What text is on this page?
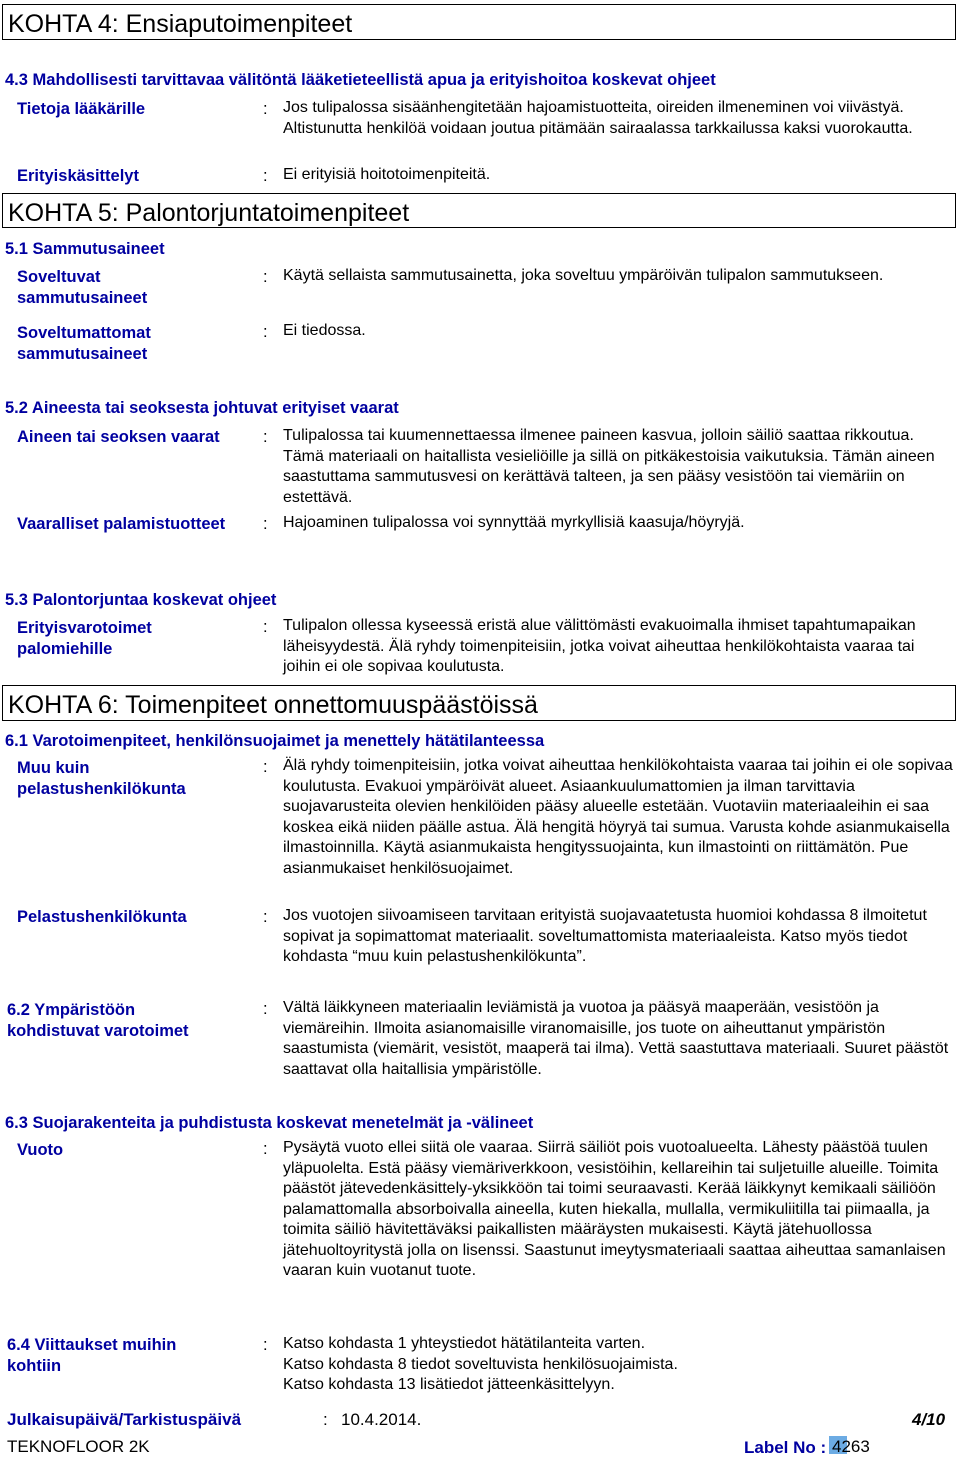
KOHTA 4: Ensiaputoimenpiteet
4.3 Mahdollisesti tarvittavaa välitöntä lääketieteellistä apua ja erityishoitoa koskevat ohjeet
Tietoja lääkärille	: Jos tulipalossa sisäänhengitetään hajoamistuotteita, oireiden ilmeneminen voi viivästyä. Altistunutta henkilöä voidaan joutua pitämään sairaalassa tarkkailussa kaksi vuorokautta.
Erityiskäsittelyt	: Ei erityisiä hoitotoimenpiteitä.
KOHTA 5: Palontorjuntatoimenpiteet
5.1 Sammutusaineet
Soveltuvat sammutusaineet
: Käytä sellaista sammutusainetta, joka soveltuu ympäröivän tulipalon sammutukseen.
Soveltumattomat sammutusaineet
: Ei tiedossa.
5.2 Aineesta tai seoksesta johtuvat erityiset vaarat
Aineen tai seoksen vaarat	: Tulipalossa tai kuumennettaessa ilmenee paineen kasvua, jolloin säiliö saattaa rikkoutua. Tämä materiaali on haitallista vesieliöille ja sillä on pitkäkestoisia vaikutuksia. Tämän aineen saastuttama sammutusvesi on kerättävä talteen, ja sen pääsy vesistöön tai viemäriin on estettävä.
Vaaralliset palamistuotteet	: Hajoaminen tulipalossa voi synnyttää myrkyllisiä kaasuja/höyryjä.
5.3 Palontorjuntaa koskevat ohjeet
Erityisvarotoimet palomiehille
: Tulipalon ollessa kyseessä eristä alue välittömästi evakuoimalla ihmiset tapahtumapaikan läheisyydestä. Älä ryhdy toimenpiteisiin, jotka voivat aiheuttaa henkilökohtaista vaaraa tai joihin ei ole sopivaa koulutusta.
KOHTA 6: Toimenpiteet onnettomuuspäästöissä
6.1 Varotoimenpiteet, henkilönsuojaimet ja menettely hätätilanteessa
Muu kuin pelastushenkilökunta
: Älä ryhdy toimenpiteisiin, jotka voivat aiheuttaa henkilökohtaista vaaraa tai joihin ei ole sopivaa koulutusta. Evakuoi ympäröivät alueet. Asiaankuulumattomien ja ilman tarvittavia suojavarusteita olevien henkilöiden pääsy alueelle estetään. Vuotaviin materiaaleihin ei saa koskea eikä niiden päälle astua. Älä hengitä höyryä tai sumua. Varusta kohde asianmukaisella ilmastoinnilla. Käytä asianmukaista hengityssuojainta, kun ilmastointi on riittämätön. Pue asianmukaiset henkilösuojaimet.
Pelastushenkilökunta	: Jos vuotojen siivoamiseen tarvitaan erityistä suojavaatetusta huomioi kohdassa 8 ilmoitetut sopivat ja sopimattomat materiaalit. soveltumattomista materiaaleista. Katso myös tiedot kohdasta “muu kuin pelastushenkilökunta”.
6.2 Ympäristöön kohdistuvat varotoimet
: Vältä läikkyneen materiaalin leviämistä ja vuotoa ja pääsyä maaperään, vesistöön ja viemäreihin. Ilmoita asianomaisille viranomaisille, jos tuote on aiheuttanut ympäristön saastumista (viemärit, vesistöt, maaperä tai ilma). Vettä saastuttava materiaali. Suuret päästöt saattavat olla haitallisia ympäristölle.
6.3 Suojarakenteita ja puhdistusta koskevat menetelmät ja -välineet
Vuoto	: Pysäytä vuoto ellei siitä ole vaaraa. Siirrä säiliöt pois vuotoalueelta. Lähesty päästöä tuulen yläpuolelta. Estä pääsy viemäriverkkoon, vesistöihin, kellareihin tai suljetuille alueille. Toimita päästöt jätevedenkäsittely-yksikköön tai toimi seuraavasti. Kerää läikkynyt kemikaali säiliöön palamattomalla absorboivalla aineella, kuten hiekalla, mullalla, vermikuliitilla tai piimaalla, ja toimita säiliö hävitettäväksi paikallisten määräysten mukaisesti. Käytä jätehuollossa jätehuoltoyritystä jolla on lisenssi. Saastunut imeytysmateriaali saattaa aiheuttaa samanlaisen vaaran kuin vuotanut tuote.
6.4 Viittaukset muihin kohtiin
: Katso kohdasta 1 yhteystiedot hätätilanteita varten.
Katso kohdasta 8 tiedot soveltuvista henkilösuojaimista.
Katso kohdasta 13 lisätiedot jätteenkäsittelyyn.
Julkaisupäivä/Tarkistuspäivä	: 10.4.2014.	4/10
TEKNOFLOOR 2K	Label No : 4263
